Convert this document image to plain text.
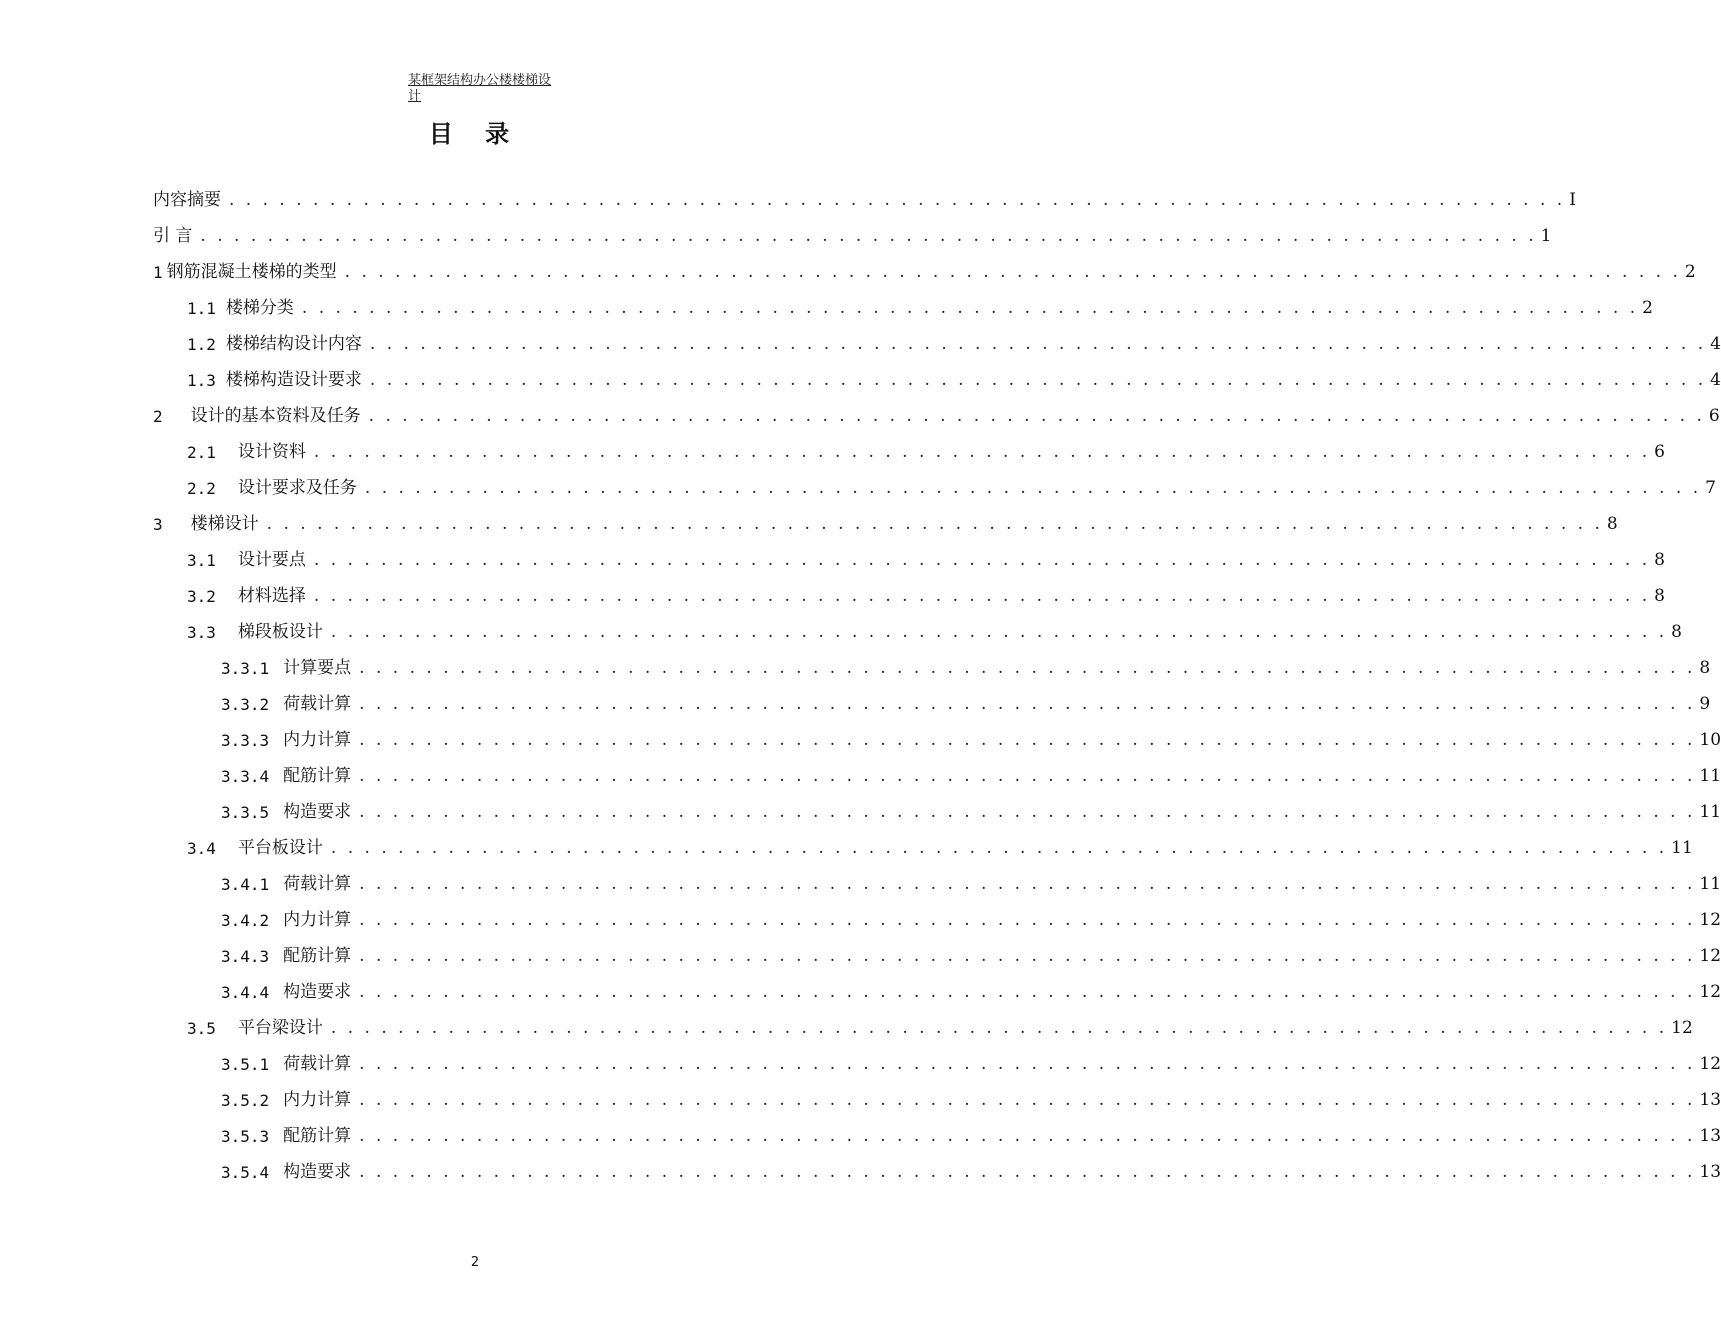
某框架结构办公楼楼梯设
计
目 录
内容摘要 . . . . . . . . . . . . . . . . . . . . . . . . . . . . . . . . . . . . . . . . . . . . . . . . . . . . . . . . . . . . . . . . . . . . . . . . . . . . . . . . I
引 言 . . . . . . . . . . . . . . . . . . . . . . . . . . . . . . . . . . . . . . . . . . . . . . . . . . . . . . . . . . . . . . . . . . . . . . . . . . . . . . . . 1
1 钢筋混凝土楼梯的类型 . . . . . . . . . . . . . . . . . . . . . . . . . . . . . . . . . . . . . . . . . . . . . . . . . . . . . . . . . . . . . . . . . . . . . . . . . . . . . . . . 2
1.1 楼梯分类 . . . . . . . . . . . . . . . . . . . . . . . . . . . . . . . . . . . . . . . . . . . . . . . . . . . . . . . . . . . . . . . . . . . . . . . . . . . . . . . . 2
1.2 楼梯结构设计内容 . . . . . . . . . . . . . . . . . . . . . . . . . . . . . . . . . . . . . . . . . . . . . . . . . . . . . . . . . . . . . . . . . . . . . . . . . . . . . . . . 4
1.3 楼梯构造设计要求 . . . . . . . . . . . . . . . . . . . . . . . . . . . . . . . . . . . . . . . . . . . . . . . . . . . . . . . . . . . . . . . . . . . . . . . . . . . . . . . . 4
2 设计的基本资料及任务 . . . . . . . . . . . . . . . . . . . . . . . . . . . . . . . . . . . . . . . . . . . . . . . . . . . . . . . . . . . . . . . . . . . . . . . . . . . . . . . . 6
2.1 设计资料 . . . . . . . . . . . . . . . . . . . . . . . . . . . . . . . . . . . . . . . . . . . . . . . . . . . . . . . . . . . . . . . . . . . . . . . . . . . . . . . . 6
2.2 设计要求及任务 . . . . . . . . . . . . . . . . . . . . . . . . . . . . . . . . . . . . . . . . . . . . . . . . . . . . . . . . . . . . . . . . . . . . . . . . . . . . . . . . 7
3 楼梯设计 . . . . . . . . . . . . . . . . . . . . . . . . . . . . . . . . . . . . . . . . . . . . . . . . . . . . . . . . . . . . . . . . . . . . . . . . . . . . . . . . 8
3.1 设计要点 . . . . . . . . . . . . . . . . . . . . . . . . . . . . . . . . . . . . . . . . . . . . . . . . . . . . . . . . . . . . . . . . . . . . . . . . . . . . . . . . 8
3.2 材料选择 . . . . . . . . . . . . . . . . . . . . . . . . . . . . . . . . . . . . . . . . . . . . . . . . . . . . . . . . . . . . . . . . . . . . . . . . . . . . . . . . 8
3.3 梯段板设计 . . . . . . . . . . . . . . . . . . . . . . . . . . . . . . . . . . . . . . . . . . . . . . . . . . . . . . . . . . . . . . . . . . . . . . . . . . . . . . . . 8
3.3.1 计算要点 . . . . . . . . . . . . . . . . . . . . . . . . . . . . . . . . . . . . . . . . . . . . . . . . . . . . . . . . . . . . . . . . . . . . . . . . . . . . . . . . 8
3.3.2 荷载计算 . . . . . . . . . . . . . . . . . . . . . . . . . . . . . . . . . . . . . . . . . . . . . . . . . . . . . . . . . . . . . . . . . . . . . . . . . . . . . . . . 9
3.3.3 内力计算 . . . . . . . . . . . . . . . . . . . . . . . . . . . . . . . . . . . . . . . . . . . . . . . . . . . . . . . . . . . . . . . . . . . . . . . . . . . . . . . . 10
3.3.4 配筋计算 . . . . . . . . . . . . . . . . . . . . . . . . . . . . . . . . . . . . . . . . . . . . . . . . . . . . . . . . . . . . . . . . . . . . . . . . . . . . . . . . 11
3.3.5 构造要求 . . . . . . . . . . . . . . . . . . . . . . . . . . . . . . . . . . . . . . . . . . . . . . . . . . . . . . . . . . . . . . . . . . . . . . . . . . . . . . . . 11
3.4 平台板设计 . . . . . . . . . . . . . . . . . . . . . . . . . . . . . . . . . . . . . . . . . . . . . . . . . . . . . . . . . . . . . . . . . . . . . . . . . . . . . . . . 11
3.4.1 荷载计算 . . . . . . . . . . . . . . . . . . . . . . . . . . . . . . . . . . . . . . . . . . . . . . . . . . . . . . . . . . . . . . . . . . . . . . . . . . . . . . . . 11
3.4.2 内力计算 . . . . . . . . . . . . . . . . . . . . . . . . . . . . . . . . . . . . . . . . . . . . . . . . . . . . . . . . . . . . . . . . . . . . . . . . . . . . . . . . 12
3.4.3 配筋计算 . . . . . . . . . . . . . . . . . . . . . . . . . . . . . . . . . . . . . . . . . . . . . . . . . . . . . . . . . . . . . . . . . . . . . . . . . . . . . . . . 12
3.4.4 构造要求 . . . . . . . . . . . . . . . . . . . . . . . . . . . . . . . . . . . . . . . . . . . . . . . . . . . . . . . . . . . . . . . . . . . . . . . . . . . . . . . . 12
3.5 平台梁设计 . . . . . . . . . . . . . . . . . . . . . . . . . . . . . . . . . . . . . . . . . . . . . . . . . . . . . . . . . . . . . . . . . . . . . . . . . . . . . . . . 12
3.5.1 荷载计算 . . . . . . . . . . . . . . . . . . . . . . . . . . . . . . . . . . . . . . . . . . . . . . . . . . . . . . . . . . . . . . . . . . . . . . . . . . . . . . . . 12
3.5.2 内力计算 . . . . . . . . . . . . . . . . . . . . . . . . . . . . . . . . . . . . . . . . . . . . . . . . . . . . . . . . . . . . . . . . . . . . . . . . . . . . . . . . 13
3.5.3 配筋计算 . . . . . . . . . . . . . . . . . . . . . . . . . . . . . . . . . . . . . . . . . . . . . . . . . . . . . . . . . . . . . . . . . . . . . . . . . . . . . . . . 13
3.5.4 构造要求 . . . . . . . . . . . . . . . . . . . . . . . . . . . . . . . . . . . . . . . . . . . . . . . . . . . . . . . . . . . . . . . . . . . . . . . . . . . . . . . . 13
2
